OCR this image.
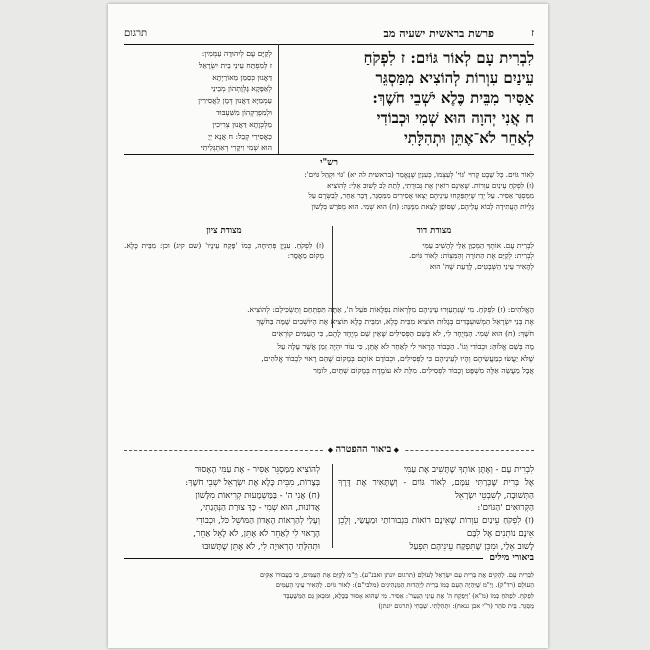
ז
פרשת בראשית ישעיה מב
תרגום

לִבְרִית עָם לְאוֹר גּוֹיִם: ז לִפְקֹחַ

עֵינַיִם עִוְרוֹת לְהוֹצִיא מִמַּסְגֵּר

אַסִּיר מִבֵּית כֶּלֶא יֹשְׁבֵי חֹשֶׁךְ:

ח אֲנִי יְהוָה הוּא שְׁמִי וּכְבוֹדִי

לְאַחֵר לֹא־אֶתֵּן וּתְהִלָּתִי

לְקַיָּם עָם לְיִהוּדָה עַמְּמִין:

ז לְמִפְתַּח עֵינֵי בֵית יִשְׂרָאֵל

דַּאֲנוּן כְּסַמַּן מֵאוֹרַיְתָא

לְאַפָּקָא גָּלְוָתְהוֹן מְבֵינֵי

עַמְמַיָּא דַּאֲנוּן דְּמָן לַאֲסִירִין

וּלְמִפְרַקְהוֹן מִשִּׁעְבּוּד

מַלְכְּוָתָא דַּאֲנוּן צְרִיכִין

כַּאֲסִירֵי קְבַל: ח אֲנָא יְיָ

הוּא שְׁמִי וִיקָרִי דְאִתְגְּלֵיתִי

רש"י

לְאוֹר גּוֹיִם. כָּל שֵׁבֶט קָרוּי 'גּוֹי' לְעַצְמוֹ, כְּעִנְיַן שֶׁנֶּאֱמַר (בראשית לה יא) 'גּוֹי וּקְהַל גּוֹיִם':

(ז) לִפְקֹחַ עֵינַיִם עִוְרוֹת. שֶׁאֵינָם רוֹאִין אֶת גְּבוּרָתִי, לְתֵת לֵב לָשׁוּב אֵלַי: לְהוֹצִיא

מִמַּסְגֵּר אַסִּיר. עַל יְדֵי שֶׁיִּתְפַּקְחוּ עֵינֵיהֶם יֵצְאוּ אֲסִירִים מִמַּסְגֵּר, דָּבָר אַחֵר, לְבַשְּׂרָם עַל

גָּלֻיּוֹת הָעֲתִידָה לָבוֹא עֲלֵיהֶם, שֶׁסּוֹפָן לָצֵאת מִמֶּנָּה: (ח) הוּא שְׁמִי. הוּא מְפֹרָשׁ בְּלָשׁוֹן

מצודת דוד
לִבְרִית עָם. אוֹתְךָ הַמְּכַוֵּן אֵלַי לְהָשִׁיב עַמִּי
לְבְרִית: לְקַיֵּם אֶת הַתּוֹרָה וְהַמִּצְוֹת: לְאוֹר גּוֹיִם.
לְהָאִיר עֵינֵי הַשְּׁבָטִים, לָדַעַת שֶׁהּ' הוּא
מצודת ציון
(ז) לִפְקֹחַ. עִנְיָן פְּתִיחָה, כְּמוֹ 'פָּקַח עֵינָיו' (שם קיג) וכן: מִבֵּית כֶּלֶא. מְקוֹם מַאֲסָר:

הָאֱלֹהִים: (ז) לִפְקֹחַ. מִי שֶׁנִּתְעַוְּרוּ עֵינֵיהֶם מִלְּרְאוֹת נִפְלָאוֹת פֹּעַל ה', אַתָּה תִּפְתְּחֵם וְתַשְׂכִּילֵם: לְהוֹצִיא.

אֶת בְּנֵי יִשְׂרָאֵל הַמְּשׁוּעְבָּדִים בְּגָלוּת תּוֹצִיא מִבֵּית כֶּלֶא, וּמִבֵּית כֶּלֶא תּוֹצִיא אֶת הַיּוֹשְׁבִים שָׁמָּה בַּחֹשֶׁךְ

חֹשֶׁךְ: (ח) הוּא שְׁמִי. הַמְּיֻחָד לִי, לֹא כְּשֵׁם הַפְּסִילִים שֶׁאֵין שֵׁם מְיֻחָד לָהֶם, כִּי הָעַמִּים קוֹרְאִים

מָה בְּשֵׁם אֱלוֹהַּ: וּכְבוֹדִי וְגוֹ'. הַכָּבוֹד הָרָאוּי לִי לְאַחֵר לֹא אֶתֵּן, כִּי עוֹד יִהְיֶה זְמַן אֲשֶׁר עָלָה עַל

שֶׁלֹּא יַעֲשׂוּ כְמַעֲשֵׂיהֶם וְהָיוּ לְעֵינֵיהֶם כִּי לַפְּסִילִים, וּכְבוֹדָם אוֹתָם בְּמָקוֹם שֶׁהֵם רָאוּי לִכְבוֹד אֱלֹהִים,

אֲבָל מַעֲשֵׂה אֵלֶּה מִשְׁפָּט וְכָבוֹד לִפְסִילִים. מִלַּת לֹא עוֹמֶדֶת בְּמָקוֹם שְׁתַּיִם, לוֹמַר

◆ ביאור ההפטרה ◆

לִבְרִית עָם - וְאֶתֶּן אוֹתְךָ שֶׁתָּשִׁיב אֶת עַמִּי

אֶל בְּרִית שֶׁכְּרַתִּי עִמָּם, לְאוֹר גּוֹיִם - וְשֶׁתָּאִיר אֶת דֶּרֶךְ הַתְּשׁוּבָה, לְשִׁבְטֵי יִשְׂרָאֵל

הַקְּרוּאִים 'הַגּוֹיִם':

(ז) לִפְקֹחַ עֵינַיִם עִוְרוֹת שֶׁאֵינָם רוֹאוֹת בִּגְבוּרוֹתַי וּמַעֲשַׂי, וְלָכֵן אֵינָם נוֹתְנִים אֶל לִבָּם

לָשׁוּב אֵלַי, וּמִכֵּן שֶׁתִּפְקַח עֵינֵיהֶם תִּפְעַל

לְהוֹצִיא מִמַּסְגֵּר אַסִּיר - אֶת עַמִּי הָאָסוּר

בְּצָרוֹת, מִבֵּית כֶּלֶא אֶת יִשְׂרָאֵל יֹשְׁבֵי חֹשֶׁךְ:

(ח) אֲנִי ה' - בַּמַּשְׁמָעוּת קְרִיאוֹת מִלָּשׁוֹן

אֲדוֹנוּת, הוּא שְׁמִי - כָּךְ צוּרַת הַנְּהָגַתִי,

וְעָלַי לְהַרְאוֹת הָאָדוֹן הַמּוֹשֵׁל כֹּל, וּכְבוֹדִי

הָרָאוּי לִי לְאַחֵר לֹא אֶתֵּן, לֹא לָאֵל אַחֵר,

וּתְהִלָּתִי הָרְאוּיָה לִי, לֹא אֶתֵּן שֶׁתָּשׁוּבוּ

ביאורי מילים

לִבְרִית עָם. לְהָקִים אֶת בְּרִית עַם יִשְׂרָאֵל לְעוֹלָם (תרגום יונתן ואבנ"ע). וְיֵ"מ לְקַיֵּם אֶת הָעַמִּים, כִּי בַעֲבוּרוֹ אַקִּים

הָעוֹלָם (רד"ק). וְיֵ"מ שֶׁיִּהְיֶה הָעָם כְּמוֹ בְרִית לְיַהֲדוּת הַמַּנְהִיגִים (מלבי"ם): לְאוֹר גּוֹיִם. לְהָאִיר עֵינֵי הָעַמִּים

לִפְקֹחַ. לִפְתֹּחַ כְּמוֹ (מ"א) 'וַיִּפְקַח ה' אֶת עֵינֵי הַנַּעַר': אַסִּיר. מִי שֶׁהוּא אָסוּר בַּכֶּלֶא, וּמִכָּאן גַּם הַמְּשֻׁעְבָּד

מַסְגֵּר. בֵּית סֹהַר (ר"י אבן גנאח): וּתְהִלָּתִי. שְׁבָחִי (תרגום יונתן)
